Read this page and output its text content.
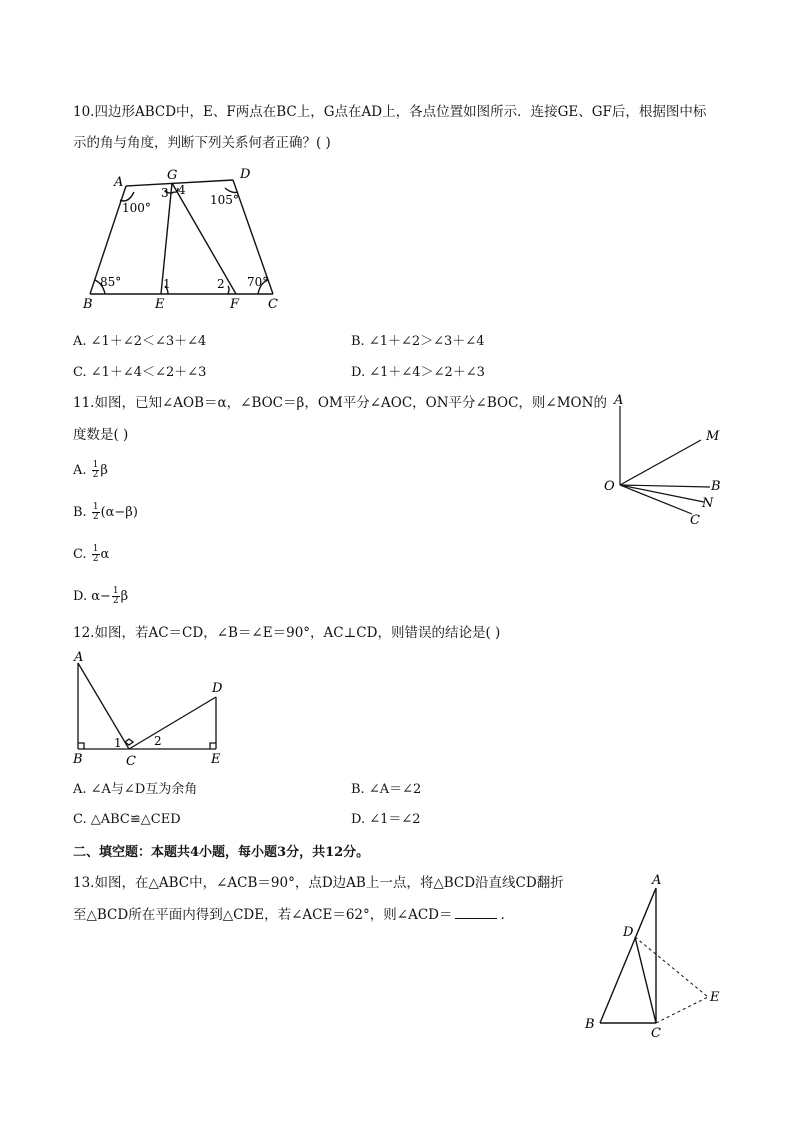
10.四边形ABCD中，E、F两点在BC上，G点在AD上，各点位置如图所示．连接GE、GF后，根据图中标
示的角与角度，判断下列关系何者正确？( )
A	G	D
B	E	F C
100°
105°
85°	70°
3 4
1	2
A. ∠1＋∠2＜∠3＋∠4	B. ∠1＋∠2＞∠3＋∠4
C. ∠1＋∠4＜∠2＋∠3	D. ∠1＋∠4＞∠2＋∠3
11.如图，已知∠AOB＝α，∠BOC＝β，OM平分∠AOC，ON平分∠BOC，则∠MON的
度数是( )
A. $\frac{1}{2}$ β
B. $\frac{1}{2} (\alpha-\beta)$
C. $\frac{1}{2}$ α
D. $\alpha- \frac{1}{2}$ β
A
M
O	B
N
C
12.如图，若AC＝CD，∠B＝∠E＝90°，AC⊥CD，则错误的结论是( )
A
D
B	C	E
1	2
A. ∠A与∠D互为余角	B. ∠A＝∠2
C. △ABC≌△CED	D. ∠1＝∠2
二、填空题：本题共4小题，每小题3分，共12分。
13.如图，在△ABC中，∠ACB＝90°，点D边AB上一点，将△BCD沿直线CD翻折
至△BCD所在平面内得到△CDE，若∠ACE＝62°，则∠ACD＝	.
A
D
E
B
C
